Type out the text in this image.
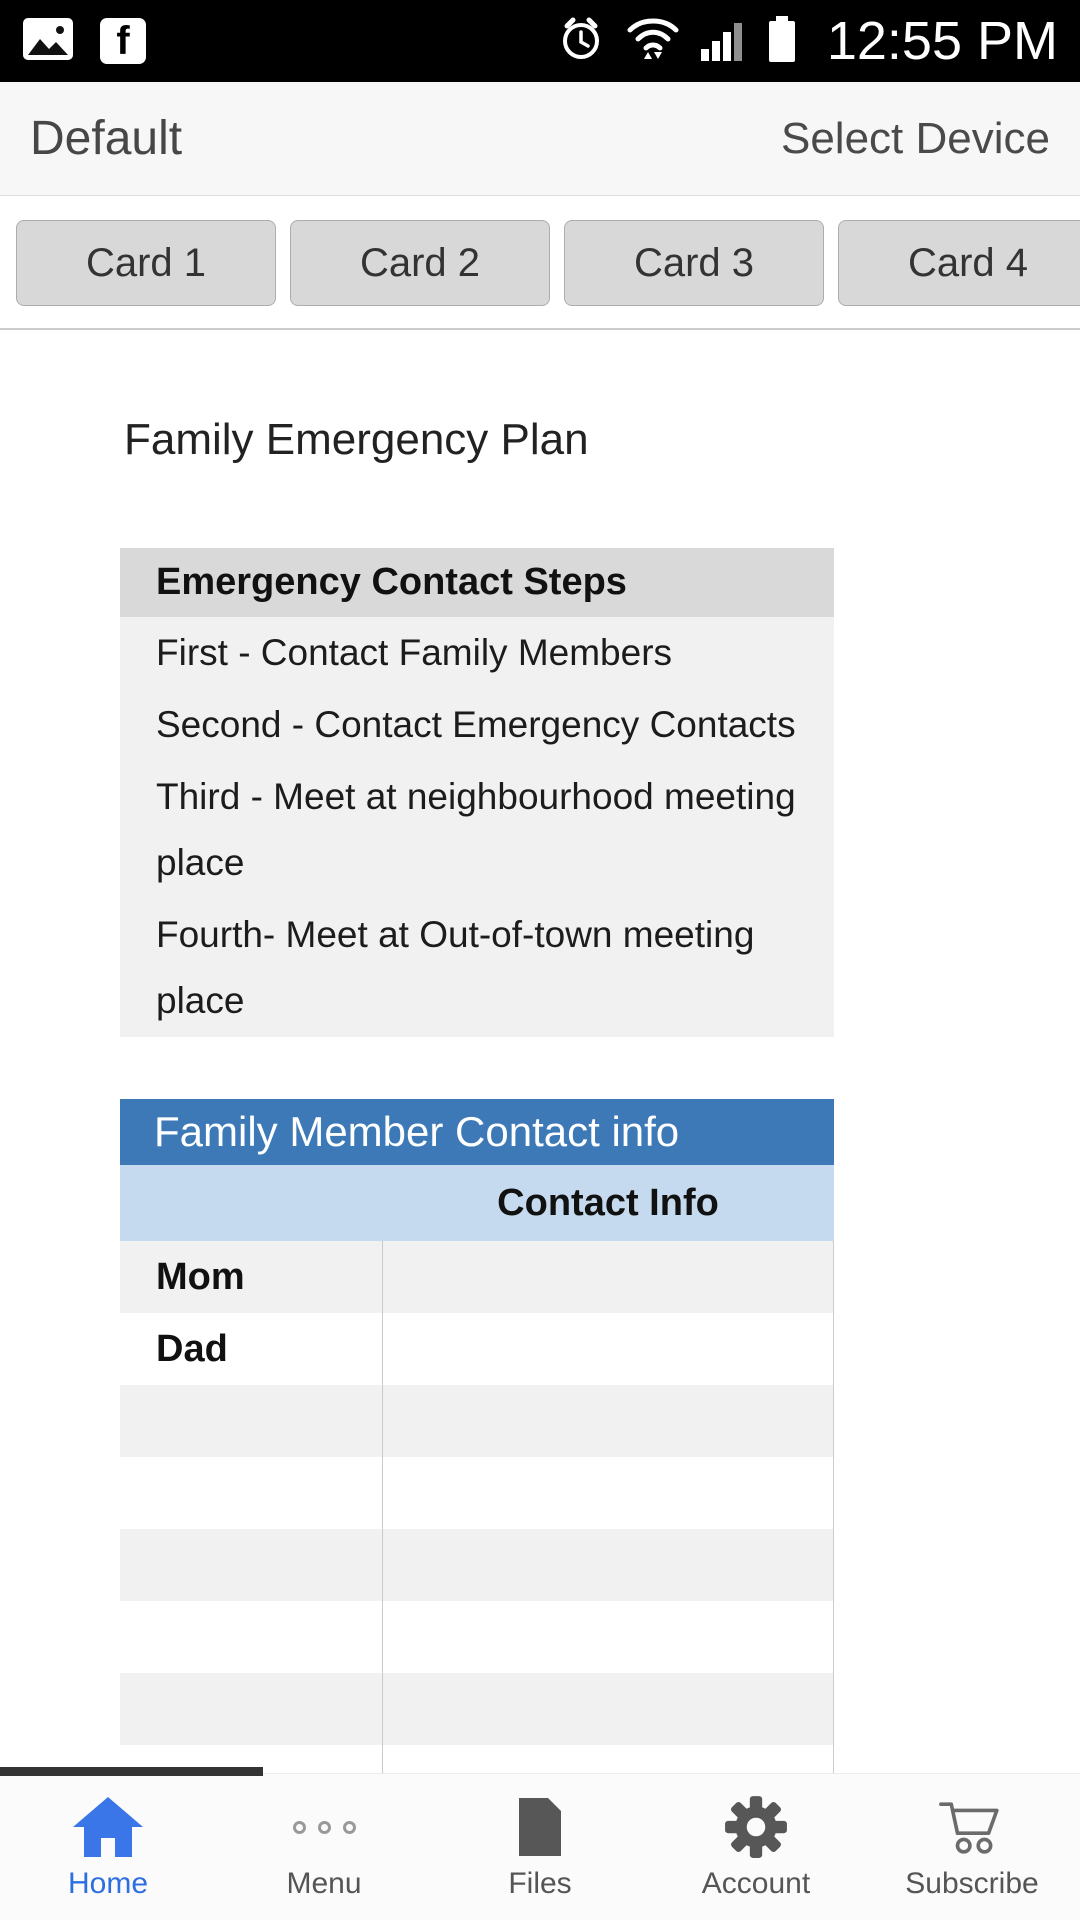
f	12:55 PM
Default	Select Device
Card 1	Card 2	Card 3	Card 4
Family Emergency Plan
Emergency Contact Steps
First - Contact Family Members
Second - Contact Emergency Contacts
Third - Meet at neighbourhood meeting place
Fourth- Meet at Out-of-town meeting place
Family Member Contact info
Contact Info
Mom
Dad
Home	Menu	Files	Account	Subscribe
